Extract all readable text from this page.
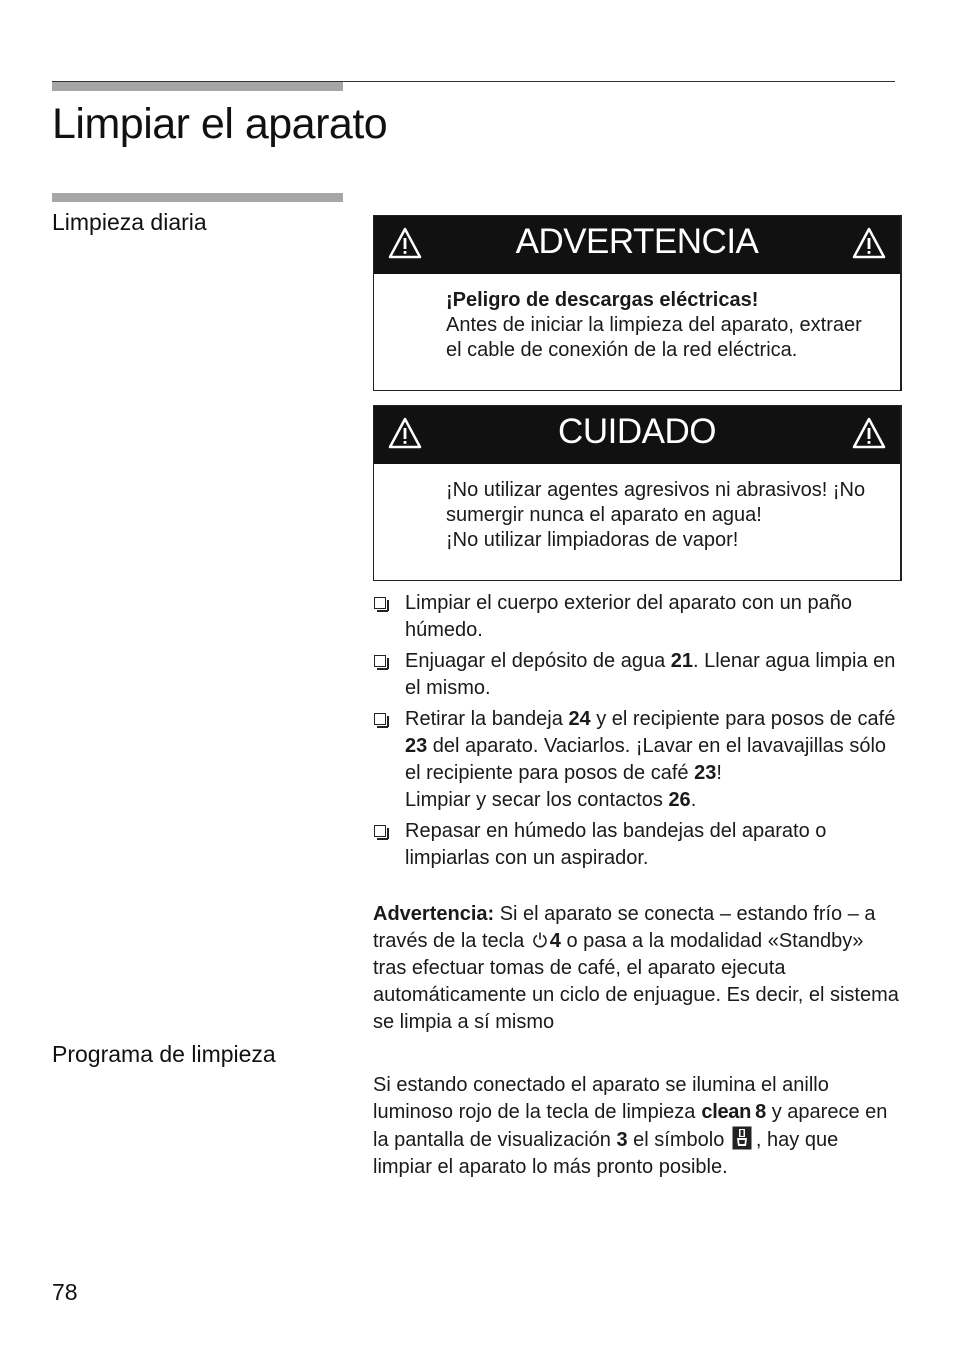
Limpiar el aparato
Limpieza diaria
Programa de limpieza
ADVERTENCIA
¡Peligro de descargas eléctricas!
Antes de iniciar la limpieza del aparato, extraer el cable de conexión de la red eléctrica.
CUIDADO
¡No utilizar agentes agresivos ni abrasivos! ¡No sumergir nunca el aparato en agua!
¡No utilizar limpiadoras de vapor!
Limpiar el cuerpo exterior del aparato con un paño húmedo.
Enjuagar el depósito de agua 21. Llenar agua limpia en el mismo.
Retirar la bandeja 24 y el recipiente para posos de café 23 del aparato. Vaciarlos. ¡Lavar en el lavavajillas sólo el recipiente para posos de café 23!
Limpiar y secar los contactos 26.
Repasar en húmedo las bandejas del aparato o limpiarlas con un aspirador.

Advertencia: Si el aparato se conecta – estando frío – a través de la tecla 4 o pasa a la modalidad «Standby» tras efectuar tomas de café, el aparato ejecuta automáticamente un ciclo de enjuague. Es decir, el sistema se limpia a sí mismo

Si estando conectado el aparato se ilumina el anillo luminoso rojo de la tecla de limpieza clean 8 y aparece en la pantalla de visualización 3 el símbolo , hay que limpiar el aparato lo más pronto posible.

78
